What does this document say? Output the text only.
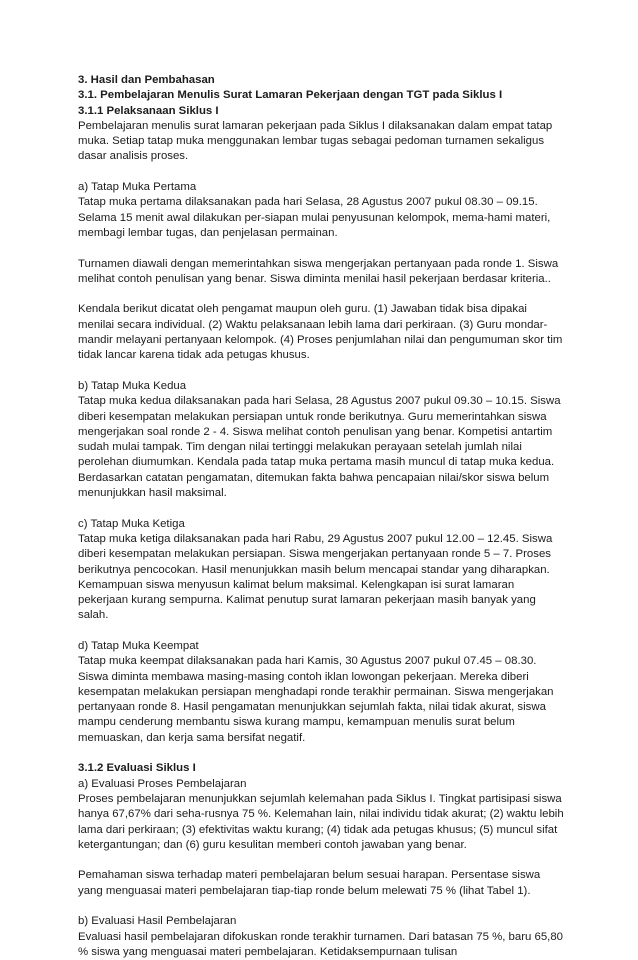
3. Hasil dan Pembahasan
3.1. Pembelajaran Menulis Surat Lamaran Pekerjaan dengan TGT pada Siklus I
3.1.1 Pelaksanaan Siklus I
Pembelajaran menulis surat lamaran pekerjaan pada Siklus I dilaksanakan dalam empat tatap muka. Setiap tatap muka menggunakan lembar tugas sebagai pedoman turnamen sekaligus dasar analisis proses.
a) Tatap Muka Pertama
Tatap muka pertama dilaksanakan pada hari Selasa, 28 Agustus 2007 pukul 08.30 – 09.15. Selama 15 menit awal dilakukan per-siapan mulai penyusunan kelompok, mema-hami materi, membagi lembar tugas, dan penjelasan permainan.
Turnamen diawali dengan memerintahkan siswa mengerjakan pertanyaan pada ronde 1. Siswa melihat contoh penulisan yang benar. Siswa diminta menilai hasil pekerjaan berdasar kriteria..
Kendala berikut dicatat oleh pengamat maupun oleh guru. (1) Jawaban tidak bisa dipakai menilai secara individual. (2) Waktu pelaksanaan lebih lama dari perkiraan. (3) Guru mondar-mandir melayani pertanyaan kelompok. (4) Proses penjumlahan nilai dan pengumuman skor tim tidak lancar karena tidak ada petugas khusus.
b) Tatap Muka Kedua
Tatap muka kedua dilaksanakan pada hari Selasa, 28 Agustus 2007 pukul 09.30 – 10.15. Siswa diberi kesempatan melakukan persiapan untuk ronde berikutnya. Guru memerintahkan siswa mengerjakan soal ronde 2 - 4. Siswa melihat contoh penulisan yang benar. Kompetisi antartim sudah mulai tampak. Tim dengan nilai tertinggi melakukan perayaan setelah jumlah nilai perolehan diumumkan. Kendala pada tatap muka pertama masih muncul di tatap muka kedua. Berdasarkan catatan pengamatan, ditemukan fakta bahwa pencapaian nilai/skor siswa belum menunjukkan hasil maksimal.
c) Tatap Muka Ketiga
Tatap muka ketiga dilaksanakan pada hari Rabu, 29 Agustus 2007 pukul 12.00 – 12.45. Siswa diberi kesempatan melakukan persiapan. Siswa mengerjakan pertanyaan ronde 5 – 7. Proses berikutnya pencocokan. Hasil menunjukkan masih belum mencapai standar yang diharapkan. Kemampuan siswa menyusun kalimat belum maksimal. Kelengkapan isi surat lamaran pekerjaan kurang sempurna. Kalimat penutup surat lamaran pekerjaan masih banyak yang salah.
d) Tatap Muka Keempat
Tatap muka keempat dilaksanakan pada hari Kamis, 30 Agustus 2007 pukul 07.45 – 08.30. Siswa diminta membawa masing-masing contoh iklan lowongan pekerjaan. Mereka diberi kesempatan melakukan persiapan menghadapi ronde terakhir permainan. Siswa mengerjakan pertanyaan ronde 8. Hasil pengamatan menunjukkan sejumlah fakta, nilai tidak akurat, siswa mampu cenderung membantu siswa kurang mampu, kemampuan menulis surat belum memuaskan, dan kerja sama bersifat negatif.
3.1.2 Evaluasi Siklus I
a) Evaluasi Proses Pembelajaran
Proses pembelajaran menunjukkan sejumlah kelemahan pada Siklus I. Tingkat partisipasi siswa hanya 67,67% dari seha-rusnya 75 %. Kelemahan lain, nilai individu tidak akurat; (2) waktu lebih lama dari perkiraan; (3) efektivitas waktu kurang; (4) tidak ada petugas khusus; (5) muncul sifat ketergantungan; dan (6) guru kesulitan memberi contoh jawaban yang benar.
Pemahaman siswa terhadap materi pembelajaran belum sesuai harapan. Persentase siswa yang menguasai materi pembelajaran tiap-tiap ronde belum melewati 75 % (lihat Tabel 1).
b) Evaluasi Hasil Pembelajaran
Evaluasi hasil pembelajaran difokuskan ronde terakhir turnamen. Dari batasan 75 %, baru 65,80 % siswa yang menguasai materi pembelajaran. Ketidaksempurnaan tulisan
